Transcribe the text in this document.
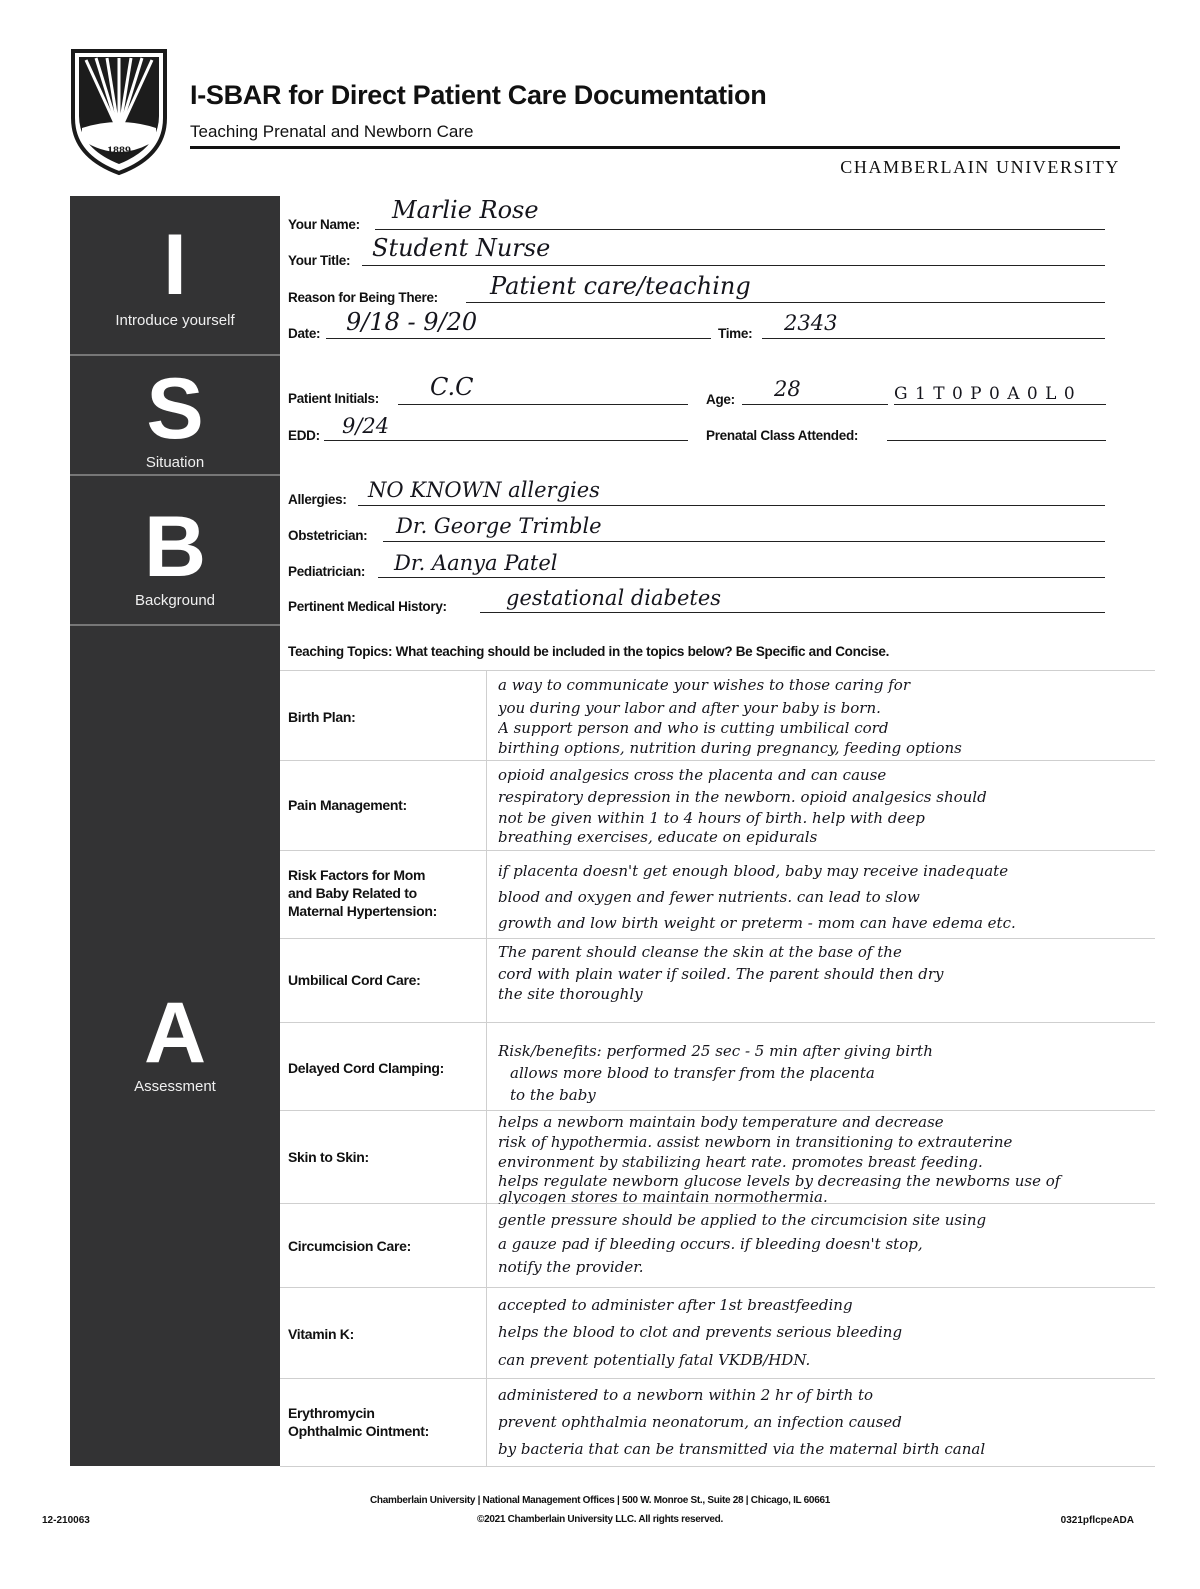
1889
I-SBAR for Direct Patient Care Documentation
Teaching Prenatal and Newborn Care
CHAMBERLAIN UNIVERSITY
I
Introduce yourself
S
Situation
B
Background
A
Assessment
Your Name:
Marlie Rose
Your Title: Student Nurse
Reason for Being There: Patient care/teaching
Date: 9/18 - 9/20	Time: 2343
Patient Initials: C.C	Age: 28	G 1 T 0 P 0 A 0 L 0
EDD: 9/24	Prenatal Class Attended:
Allergies: NO KNOWN allergies
Obstetrician: Dr. George Trimble
Pediatrician: Dr. Aanya Patel
Pertinent Medical History:	gestational diabetes
Teaching Topics: What teaching should be included in the topics below? Be Specific and Concise.
Birth Plan:
a way to communicate your wishes to those caring for
you during your labor and after your baby is born.
A support person and who is cutting umbilical cord
birthing options, nutrition during pregnancy, feeding options
Pain Management:
opioid analgesics cross the placenta and can cause
respiratory depression in the newborn. opioid analgesics should
not be given within 1 to 4 hours of birth. help with deep
breathing exercises, educate on epidurals
Risk Factors for Mom
and Baby Related to
Maternal Hypertension:
if placenta doesn't get enough blood, baby may receive inadequate
blood and oxygen and fewer nutrients. can lead to slow
growth and low birth weight or preterm - mom can have edema etc.
Umbilical Cord Care:
The parent should cleanse the skin at the base of the
cord with plain water if soiled. The parent should then dry
the site thoroughly
Delayed Cord Clamping:
Risk/benefits: performed 25 sec - 5 min after giving birth
allows more blood to transfer from the placenta
to the baby
Skin to Skin:
helps a newborn maintain body temperature and decrease
risk of hypothermia. assist newborn in transitioning to extrauterine
environment by stabilizing heart rate. promotes breast feeding.
helps regulate newborn glucose levels by decreasing the newborns use of
glycogen stores to maintain normothermia.
Circumcision Care:
gentle pressure should be applied to the circumcision site using
a gauze pad if bleeding occurs. if bleeding doesn't stop,
notify the provider.
Vitamin K:
accepted to administer after 1st breastfeeding
helps the blood to clot and prevents serious bleeding
can prevent potentially fatal VKDB/HDN.
Erythromycin
Ophthalmic Ointment:
administered to a newborn within 2 hr of birth to
prevent ophthalmia neonatorum, an infection caused
by bacteria that can be transmitted via the maternal birth canal
Chamberlain University | National Management Offices | 500 W. Monroe St., Suite 28 | Chicago, IL 60661
©2021 Chamberlain University LLC. All rights reserved.
12-210063	0321pflcpeADA
